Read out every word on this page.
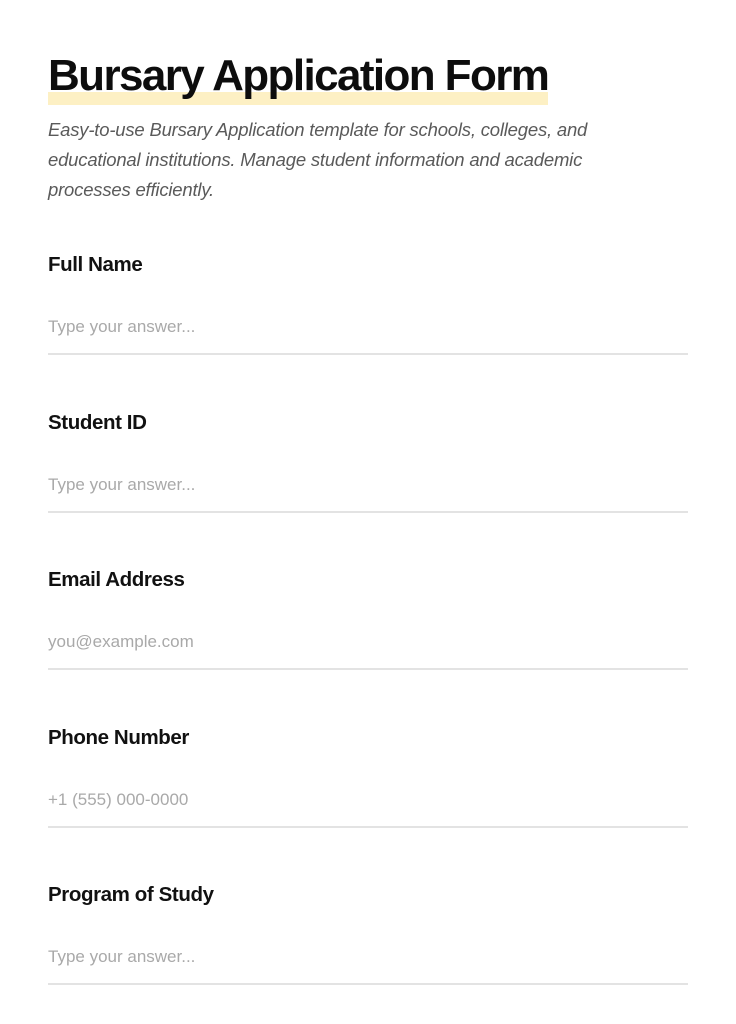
Bursary Application Form

Easy-to-use Bursary Application template for schools, colleges, and educational institutions. Manage student information and academic processes efficiently.

Full Name
Type your answer...
Student ID
Type your answer...
Email Address
you@example.com
Phone Number
+1 (555) 000-0000
Program of Study
Type your answer...
